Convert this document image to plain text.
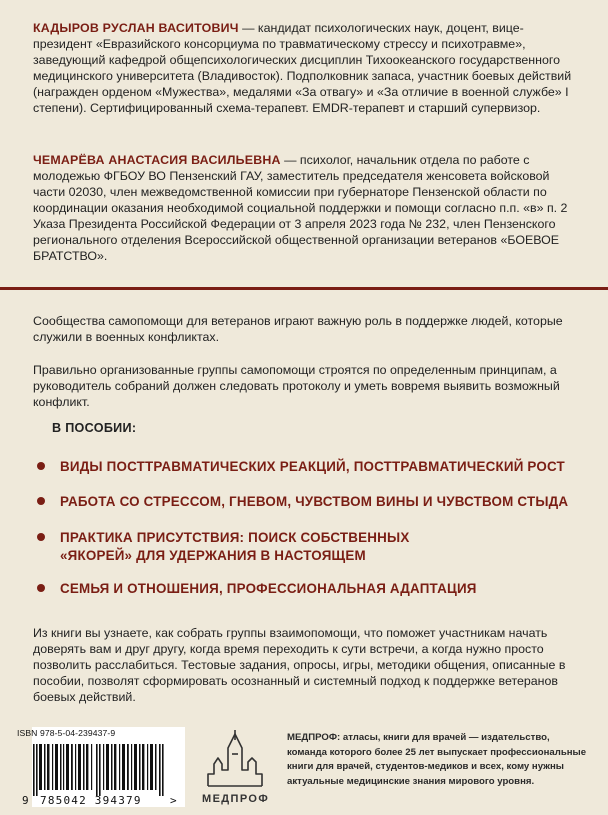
КАДЫРОВ РУСЛАН ВАСИТОВИЧ — кандидат психологических наук, доцент, вице-президент «Евразийского консорциума по травматическому стрессу и психотравме», заведующий кафедрой общепсихологических дисциплин Тихоокеанского государственного медицинского университета (Владивосток). Подполковник запаса, участник боевых действий (награжден орденом «Мужества», медалями «За отвагу» и «За отличие в военной службе» I степени). Сертифицированный схема-терапевт. EMDR-терапевт и старший супервизор.
ЧЕМАРЁВА АНАСТАСИЯ ВАСИЛЬЕВНА — психолог, начальник отдела по работе с молодежью ФГБОУ ВО Пензенский ГАУ, заместитель председателя женсовета войсковой части 02030, член межведомственной комиссии при губернаторе Пензенской области по координации оказания необходимой социальной поддержки и помощи согласно п.п. «в» п. 2 Указа Президента Российской Федерации от 3 апреля 2023 года № 232, член Пензенского регионального отделения Всероссийской общественной организации ветеранов «БОЕВОЕ БРАТСТВО».
Сообщества самопомощи для ветеранов играют важную роль в поддержке людей, которые служили в военных конфликтах.
Правильно организованные группы самопомощи строятся по определенным принципам, а руководитель собраний должен следовать протоколу и уметь вовремя выявить возможный конфликт.
В ПОСОБИИ:
ВИДЫ ПОСТТРАВМАТИЧЕСКИХ РЕАКЦИЙ, ПОСТТРАВМАТИЧЕСКИЙ РОСТ
РАБОТА СО СТРЕССОМ, ГНЕВОМ, ЧУВСТВОМ ВИНЫ И ЧУВСТВОМ СТЫДА
ПРАКТИКА ПРИСУТСТВИЯ: ПОИСК СОБСТВЕННЫХ «ЯКОРЕЙ» ДЛЯ УДЕРЖАНИЯ В НАСТОЯЩЕМ
СЕМЬЯ И ОТНОШЕНИЯ, ПРОФЕССИОНАЛЬНАЯ АДАПТАЦИЯ
Из книги вы узнаете, как собрать группы взаимопомощи, что поможет участникам начать доверять вам и друг другу, когда время переходить к сути встречи, а когда нужно просто позволить расслабиться. Тестовые задания, опросы, игры, методики общения, описанные в пособии, позволят сформировать осознанный и системный подход к поддержке ветеранов боевых действий.
ISBN 978-5-04-239437-9
9 785042 394379	> МЕДПРОФ
МЕДПРОФ: атласы, книги для врачей — издательство, команда которого более 25 лет выпускает профессиональные книги для врачей, студентов-медиков и всех, кому нужны актуальные медицинские знания мирового уровня.
